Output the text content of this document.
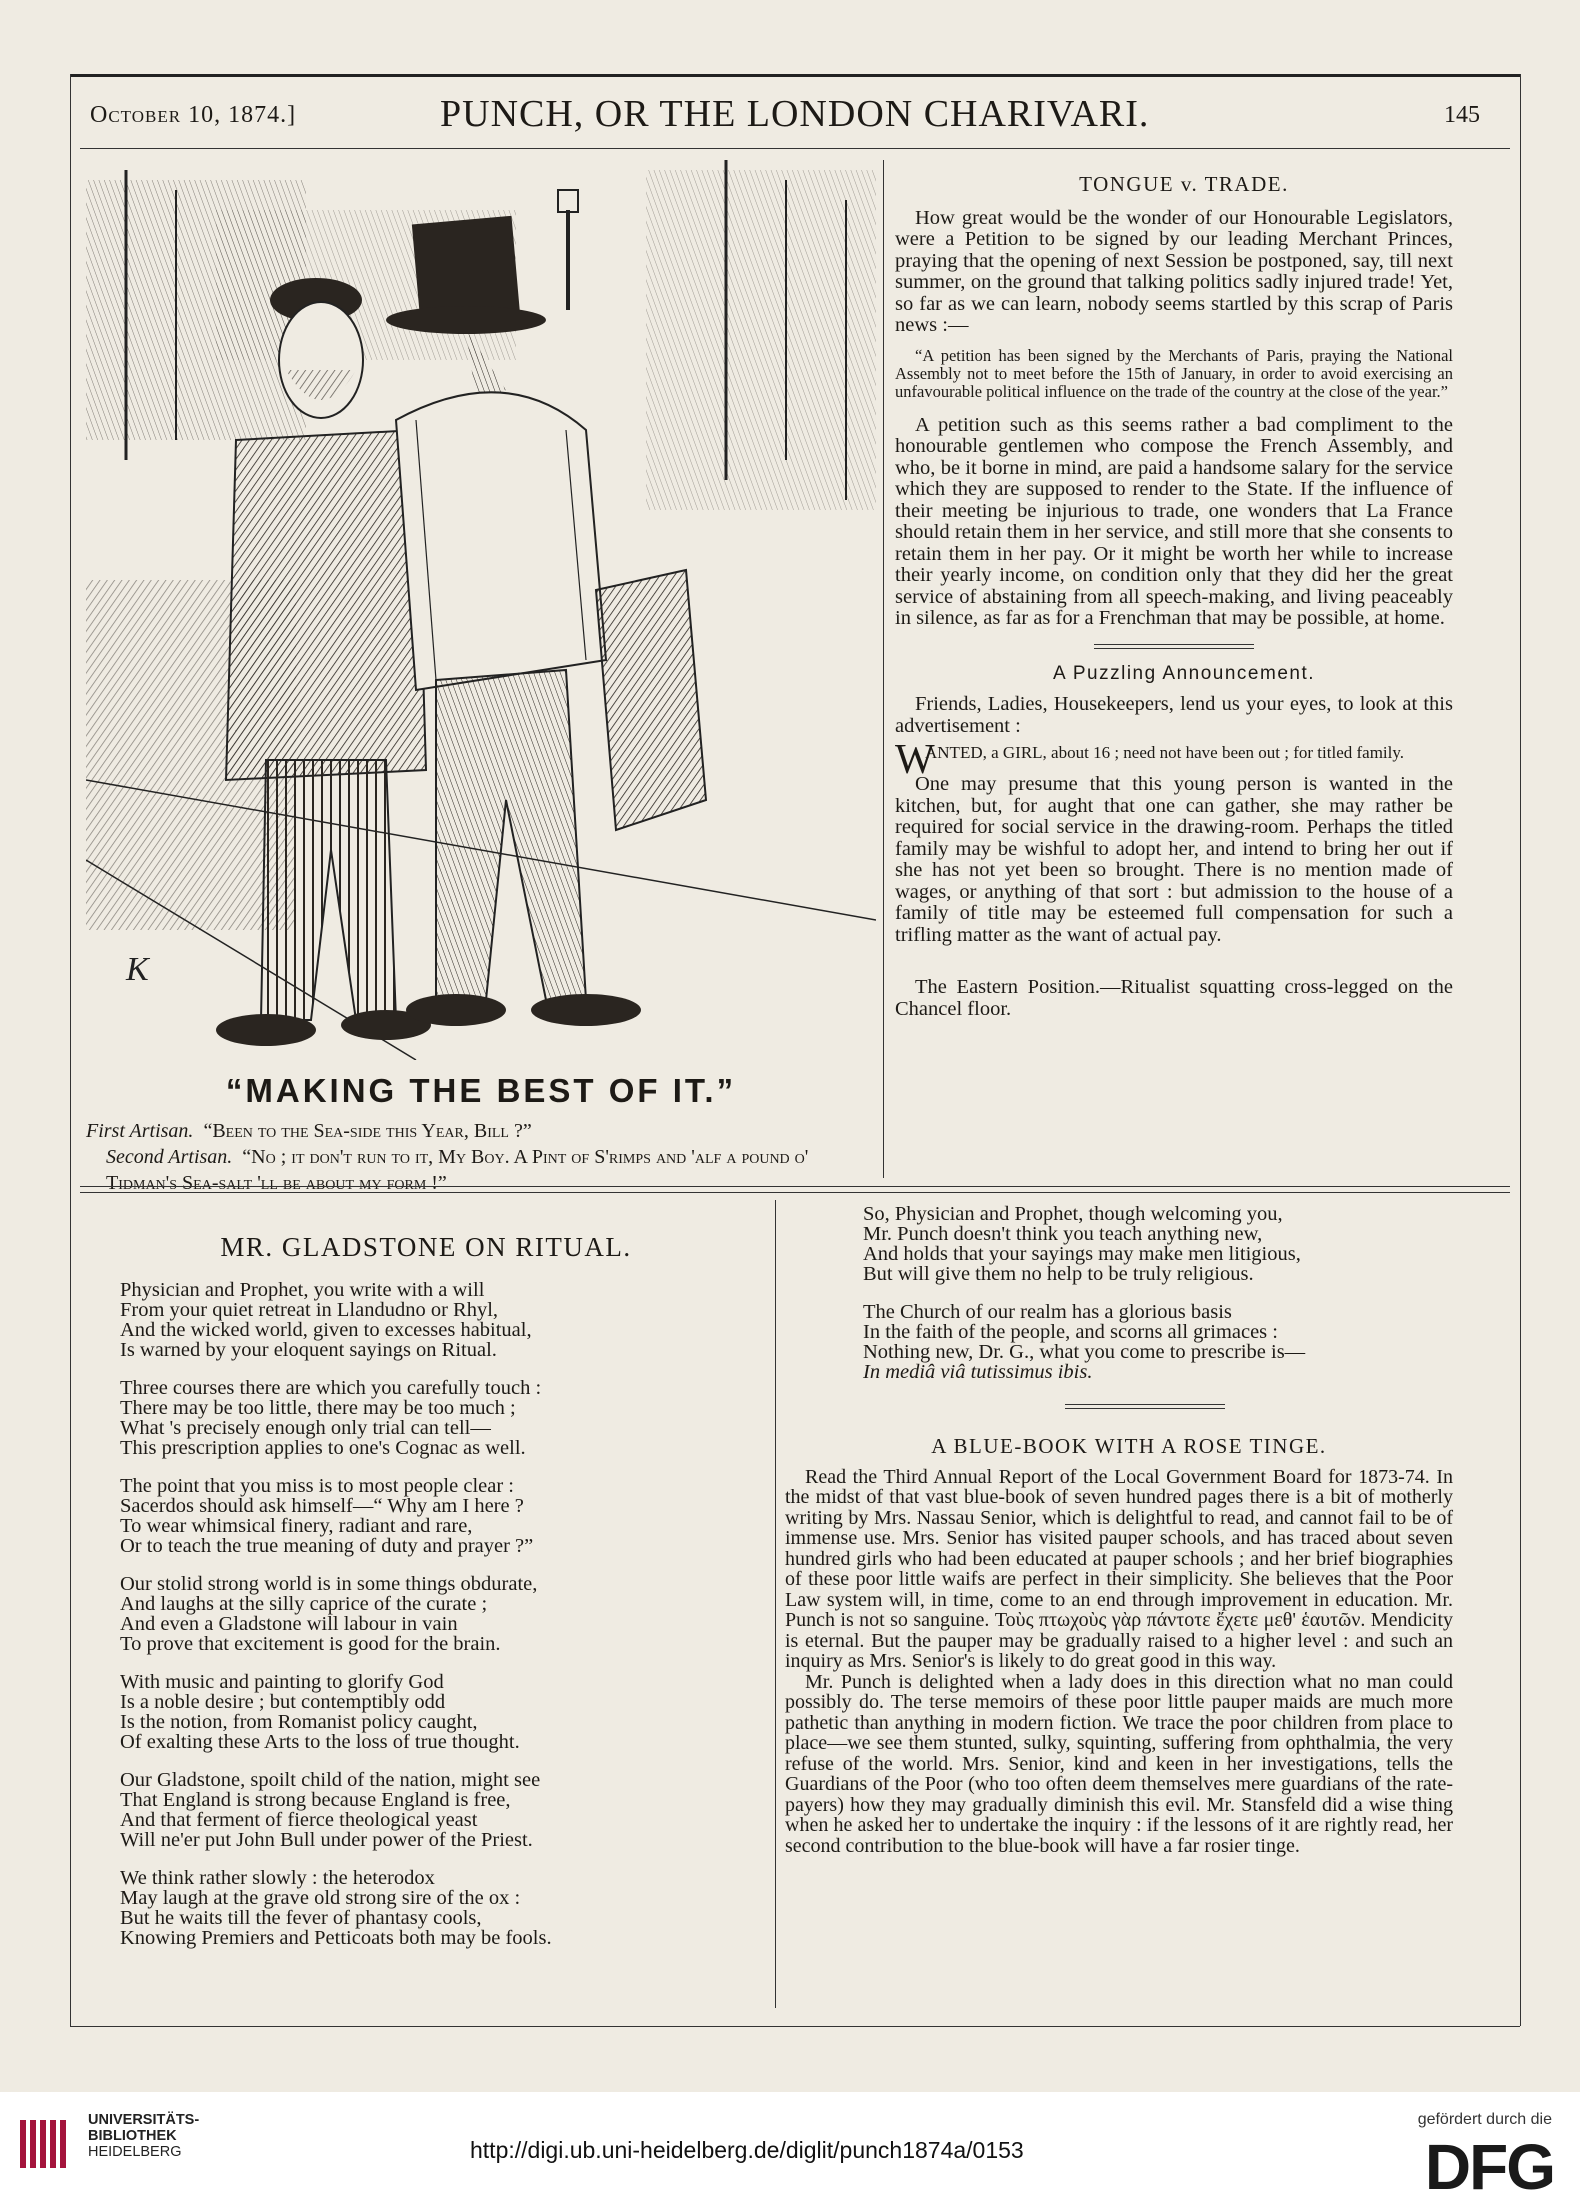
October 10, 1874.]	PUNCH, OR THE LONDON CHARIVARI.	145
K
“MAKING THE BEST OF IT.”

First Artisan. “Been to the Sea-side this Year, Bill ?”

Second Artisan. “No ; it don't run to it, My Boy. A Pint of S'rimps and 'alf a pound o' Tidman's Sea-salt 'll be about my form !”

TONGUE v. TRADE.

How great would be the wonder of our Honourable Legislators, were a Petition to be signed by our leading Merchant Princes, praying that the opening of next Session be postponed, say, till next summer, on the ground that talking politics sadly injured trade! Yet, so far as we can learn, nobody seems startled by this scrap of Paris news :—

“A petition has been signed by the Merchants of Paris, praying the National Assembly not to meet before the 15th of January, in order to avoid exercising an unfavourable political influence on the trade of the country at the close of the year.”

A petition such as this seems rather a bad compliment to the honourable gentlemen who compose the French Assembly, and who, be it borne in mind, are paid a handsome salary for the service which they are supposed to render to the State. If the influence of their meeting be injurious to trade, one wonders that La France should retain them in her service, and still more that she consents to retain them in her pay. Or it might be worth her while to increase their yearly income, on condition only that they did her the great service of abstaining from all speech-making, and living peaceably in silence, as far as for a Frenchman that may be possible, at home.

A Puzzling Announcement.

Friends, Ladies, Housekeepers, lend us your eyes, to look at this advertisement :

W
ANTED, a GIRL, about 16 ; need not have been out ; for titled family.

One may presume that this young person is wanted in the kitchen, but, for aught that one can gather, she may rather be required for social service in the drawing-room. Perhaps the titled family may be wishful to adopt her, and intend to bring her out if she has not yet been so brought. There is no mention made of wages, or anything of that sort : but admission to the house of a family of title may be esteemed full compensation for such a trifling matter as the want of actual pay.

The Eastern Position.—Ritualist squatting cross-legged on the Chancel floor.

MR. GLADSTONE ON RITUAL.
Physician and Prophet, you write with a will
From your quiet retreat in Llandudno or Rhyl,
And the wicked world, given to excesses habitual,
Is warned by your eloquent sayings on Ritual.
Three courses there are which you carefully touch :
There may be too little, there may be too much ;
What 's precisely enough only trial can tell—
This prescription applies to one's Cognac as well.
The point that you miss is to most people clear :
Sacerdos should ask himself—“ Why am I here ?
To wear whimsical finery, radiant and rare,
Or to teach the true meaning of duty and prayer ?”
Our stolid strong world is in some things obdurate,
And laughs at the silly caprice of the curate ;
And even a Gladstone will labour in vain
To prove that excitement is good for the brain.
With music and painting to glorify God
Is a noble desire ; but contemptibly odd
Is the notion, from Romanist policy caught,
Of exalting these Arts to the loss of true thought.
Our Gladstone, spoilt child of the nation, might see
That England is strong because England is free,
And that ferment of fierce theological yeast
Will ne'er put John Bull under power of the Priest.
We think rather slowly : the heterodox
May laugh at the grave old strong sire of the ox :
But he waits till the fever of phantasy cools,
Knowing Premiers and Petticoats both may be fools.
So, Physician and Prophet, though welcoming you,
Mr. Punch doesn't think you teach anything new,
And holds that your sayings may make men litigious,
But will give them no help to be truly religious.
The Church of our realm has a glorious basis
In the faith of the people, and scorns all grimaces :
Nothing new, Dr. G., what you come to prescribe is—
In mediâ viâ tutissimus ibis.

A BLUE-BOOK WITH A ROSE TINGE.

Read the Third Annual Report of the Local Government Board for 1873-74. In the midst of that vast blue-book of seven hundred pages there is a bit of motherly writing by Mrs. Nassau Senior, which is delightful to read, and cannot fail to be of immense use. Mrs. Senior has visited pauper schools, and has traced about seven hundred girls who had been educated at pauper schools ; and her brief biographies of these poor little waifs are perfect in their simplicity. She believes that the Poor Law system will, in time, come to an end through improvement in education. Mr. Punch is not so sanguine. Τοὺς πτωχοὺς γὰρ πάντοτε ἔχετε μεθ' ἑαυτῶν. Mendicity is eternal. But the pauper may be gradually raised to a higher level : and such an inquiry as Mrs. Senior's is likely to do great good in this way.

Mr. Punch is delighted when a lady does in this direction what no man could possibly do. The terse memoirs of these poor little pauper maids are much more pathetic than anything in modern fiction. We trace the poor children from place to place—we see them stunted, sulky, squinting, suffering from ophthalmia, the very refuse of the world. Mrs. Senior, kind and keen in her investigations, tells the Guardians of the Poor (who too often deem themselves mere guardians of the rate-payers) how they may gradually diminish this evil. Mr. Stansfeld did a wise thing when he asked her to undertake the inquiry : if the lessons of it are rightly read, her second contribution to the blue-book will have a far rosier tinge.

UNIVERSITÄTS-
BIBLIOTHEK
HEIDELBERG	http://digi.ub.uni-heidelberg.de/diglit/punch1874a/0153
gefördert durch die
DFG
